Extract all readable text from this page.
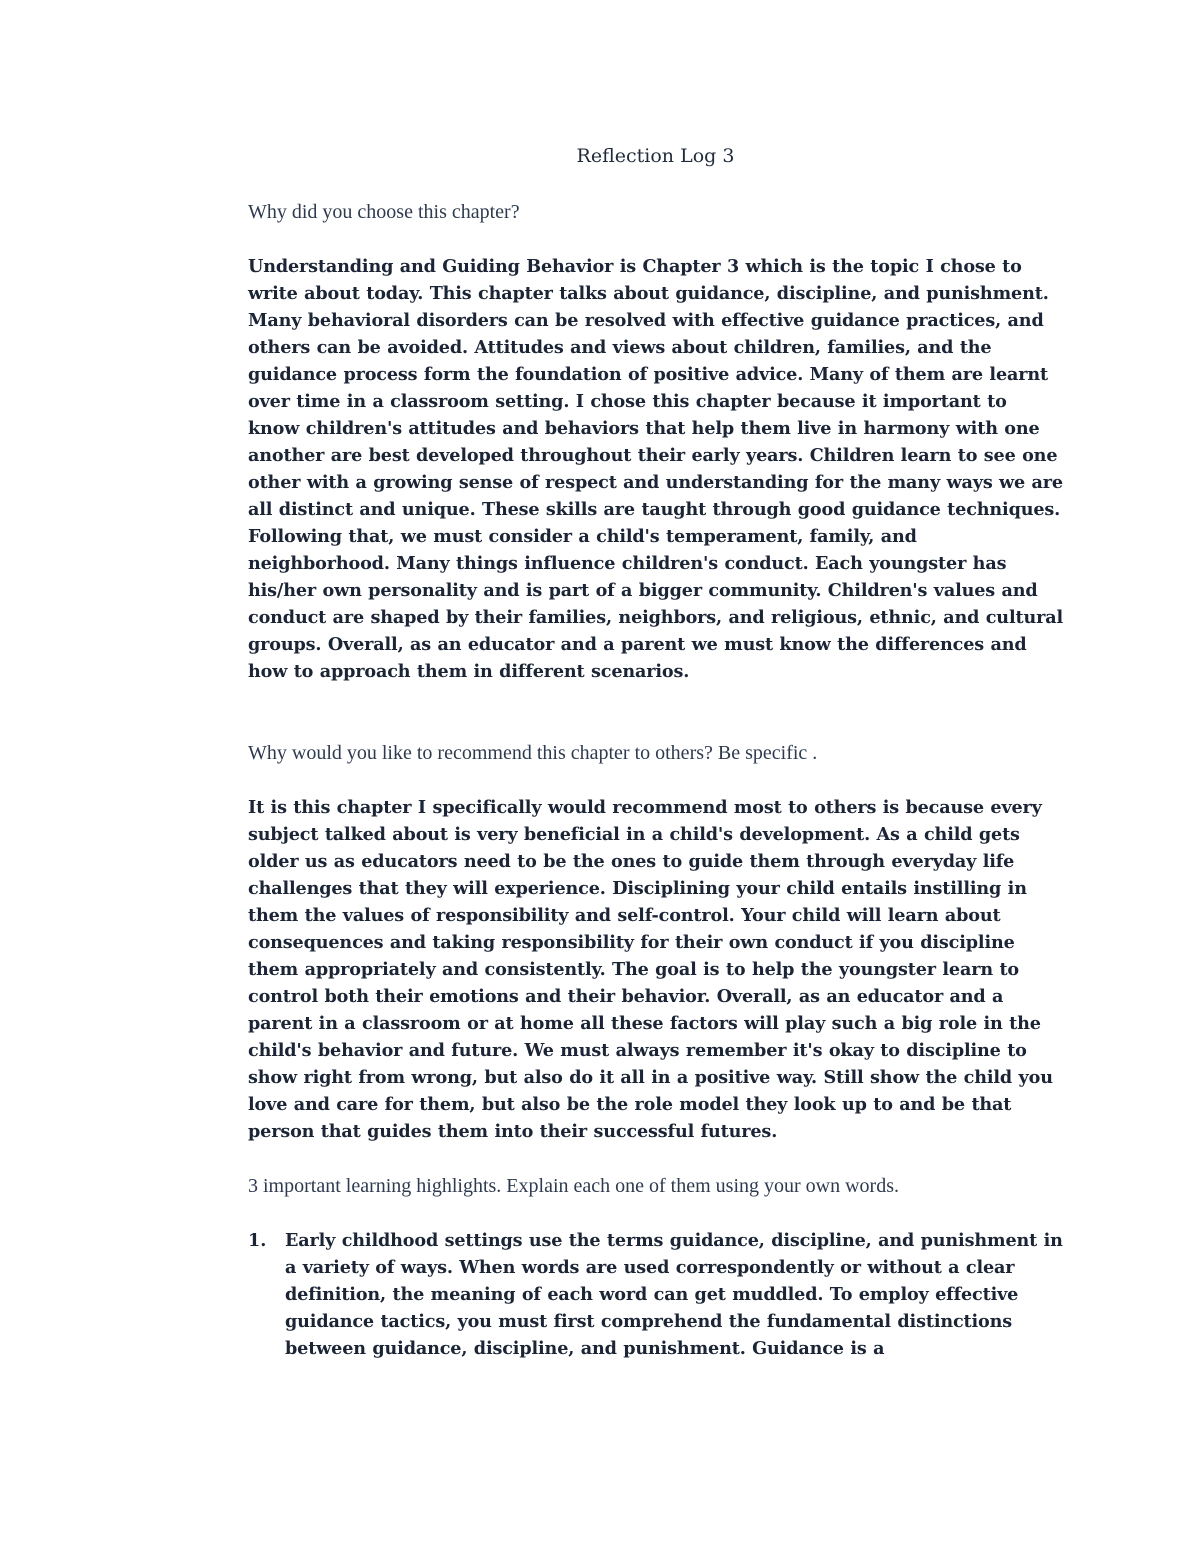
Reflection Log 3

Why did you choose this chapter?

Understanding and Guiding Behavior is Chapter 3 which is the topic I chose to write about today. This chapter talks about guidance, discipline, and punishment. Many behavioral disorders can be resolved with effective guidance practices, and others can be avoided. Attitudes and views about children, families, and the guidance process form the foundation of positive advice. Many of them are learnt over time in a classroom setting. I chose this chapter because it important to know children's attitudes and behaviors that help them live in harmony with one another are best developed throughout their early years. Children learn to see one other with a growing sense of respect and understanding for the many ways we are all distinct and unique. These skills are taught through good guidance techniques. Following that, we must consider a child's temperament, family, and neighborhood. Many things influence children's conduct. Each youngster has his/her own personality and is part of a bigger community. Children's values and conduct are shaped by their families, neighbors, and religious, ethnic, and cultural groups. Overall, as an educator and a parent we must know the differences and how to approach them in different scenarios.

Why would you like to recommend this chapter to others? Be specific .

It is this chapter I specifically would recommend most to others is because every subject talked about is very beneficial in a child's development. As a child gets older us as educators need to be the ones to guide them through everyday life challenges that they will experience. Disciplining your child entails instilling in them the values of responsibility and self-control. Your child will learn about consequences and taking responsibility for their own conduct if you discipline them appropriately and consistently. The goal is to help the youngster learn to control both their emotions and their behavior. Overall, as an educator and a parent in a classroom or at home all these factors will play such a big role in the child's behavior and future. We must always remember it's okay to discipline to show right from wrong, but also do it all in a positive way. Still show the child you love and care for them, but also be the role model they look up to and be that person that guides them into their successful futures.

3 important learning highlights. Explain each one of them using your own words.

1. Early childhood settings use the terms guidance, discipline, and punishment in a variety of ways. When words are used correspondently or without a clear definition, the meaning of each word can get muddled. To employ effective guidance tactics, you must first comprehend the fundamental distinctions between guidance, discipline, and punishment. Guidance is a
